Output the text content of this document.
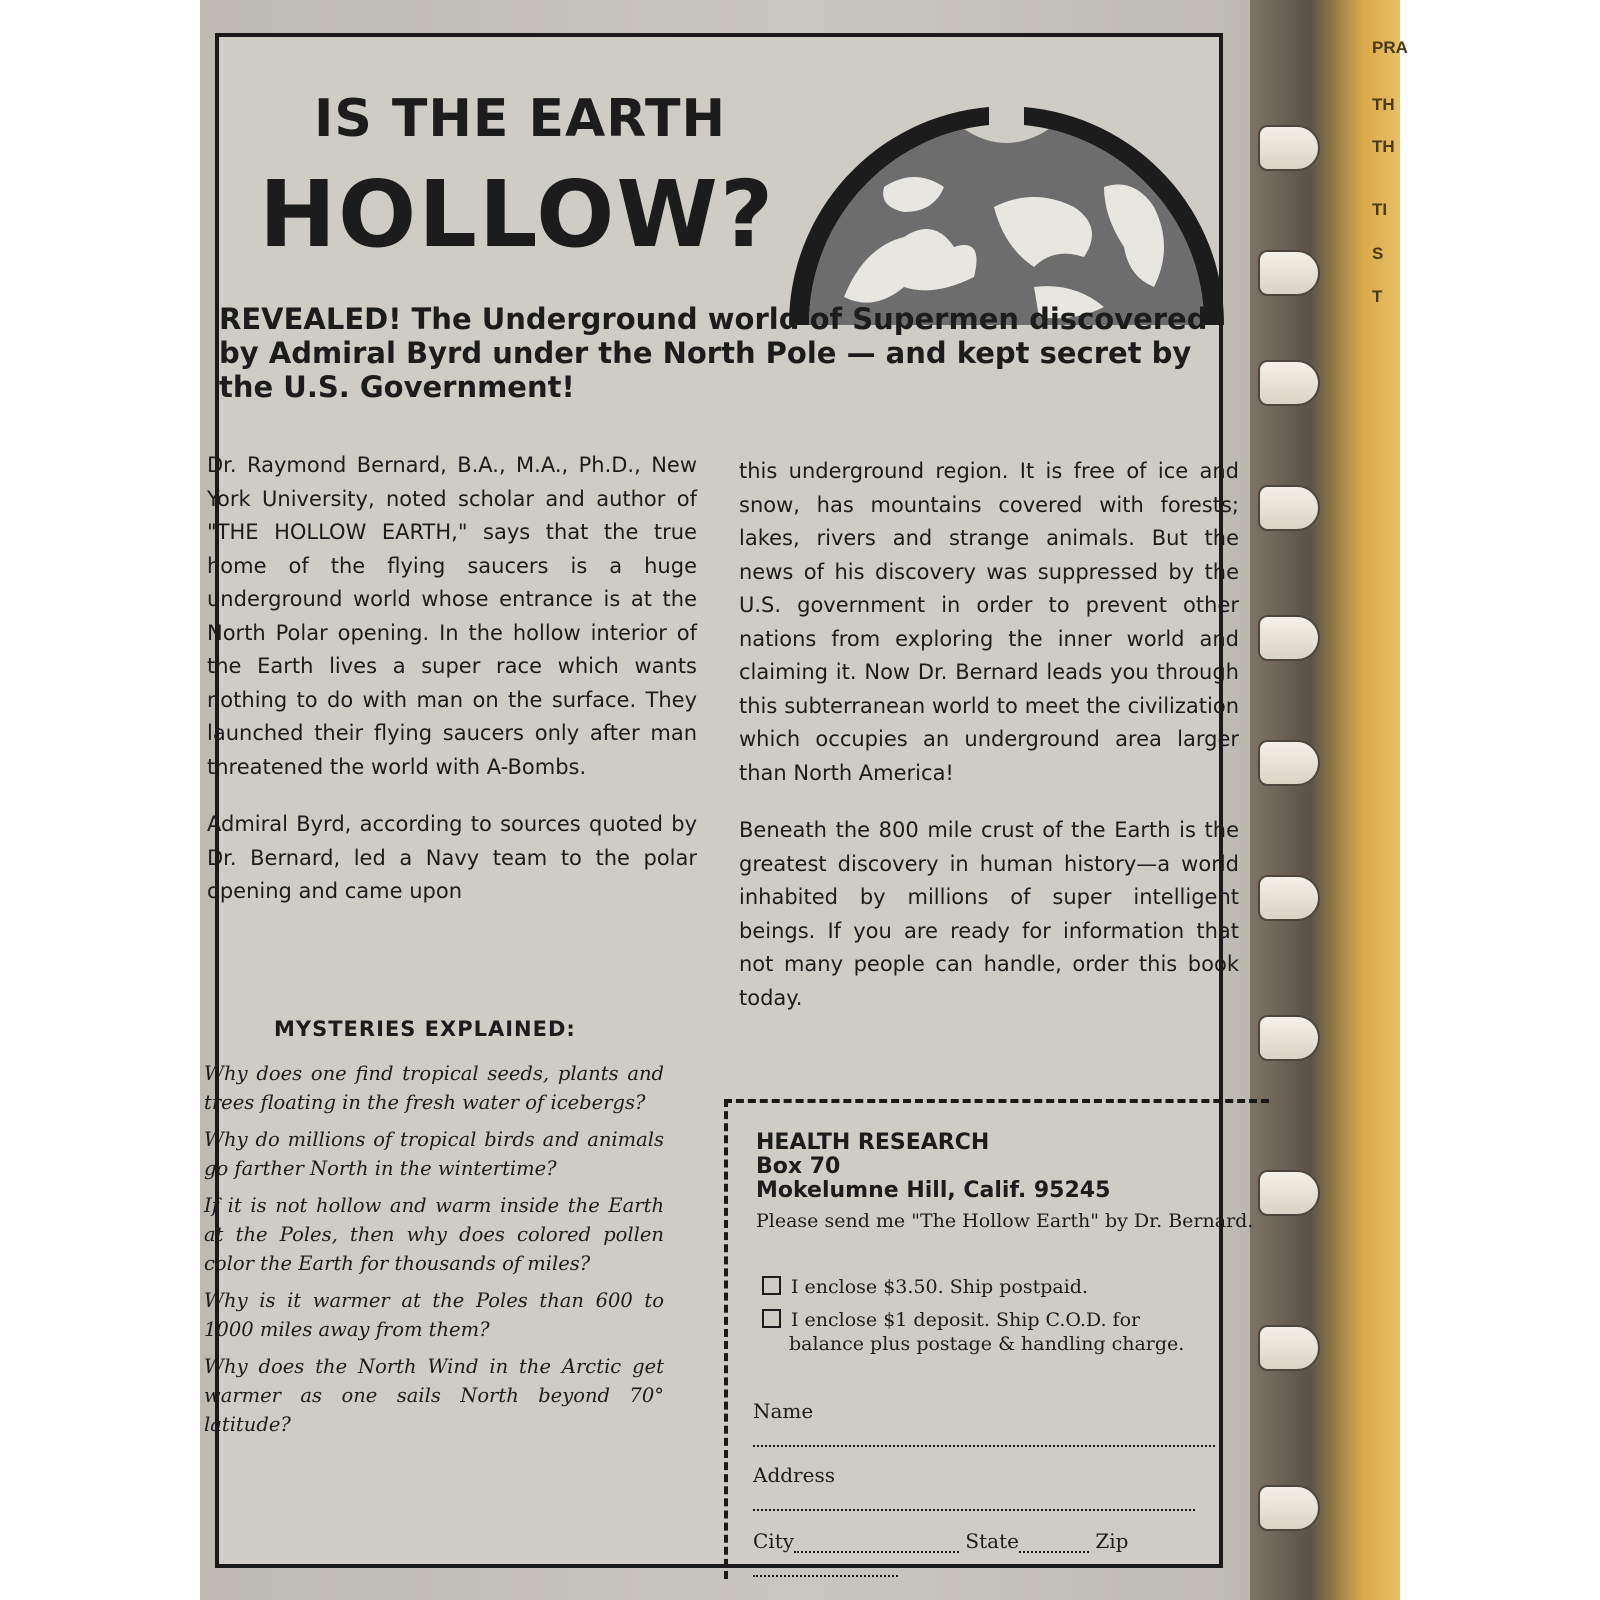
PRA
TH
TH
TI
S
T
IS THE EARTH
HOLLOW?

REVEALED! The Underground world of Supermen discovered by Admiral Byrd under the North Pole — and kept secret by the U.S. Government!

Dr. Raymond Bernard, B.A., M.A., Ph.D., New York University, noted scholar and author of "THE HOLLOW EARTH," says that the true home of the flying saucers is a huge underground world whose entrance is at the North Polar opening. In the hollow interior of the Earth lives a super race which wants nothing to do with man on the surface. They launched their flying saucers only after man threatened the world with A-Bombs.

Admiral Byrd, according to sources quoted by Dr. Bernard, led a Navy team to the polar opening and came upon

this underground region. It is free of ice and snow, has mountains covered with forests; lakes, rivers and strange animals. But the news of his discovery was suppressed by the U.S. government in order to prevent other nations from exploring the inner world and claiming it. Now Dr. Bernard leads you through this subterranean world to meet the civilization which occupies an underground area larger than North America!

Beneath the 800 mile crust of the Earth is the greatest discovery in human history—a world inhabited by millions of super intelligent beings. If you are ready for information that not many people can handle, order this book today.

MYSTERIES EXPLAINED:

Why does one find tropical seeds, plants and trees floating in the fresh water of icebergs?

Why do millions of tropical birds and animals go farther North in the wintertime?

If it is not hollow and warm inside the Earth at the Poles, then why does colored pollen color the Earth for thousands of miles?

Why is it warmer at the Poles than 600 to 1000 miles away from them?

Why does the North Wind in the Arctic get warmer as one sails North beyond 70° latitude?

HEALTH RESEARCH
Box 70
Mokelumne Hill, Calif. 95245
Please send me "The Hollow Earth" by Dr. Bernard.
I enclose $3.50. Ship postpaid.
I enclose $1 deposit. Ship C.O.D. for
balance plus postage & handling charge.
Name
Address
City	State	Zip
